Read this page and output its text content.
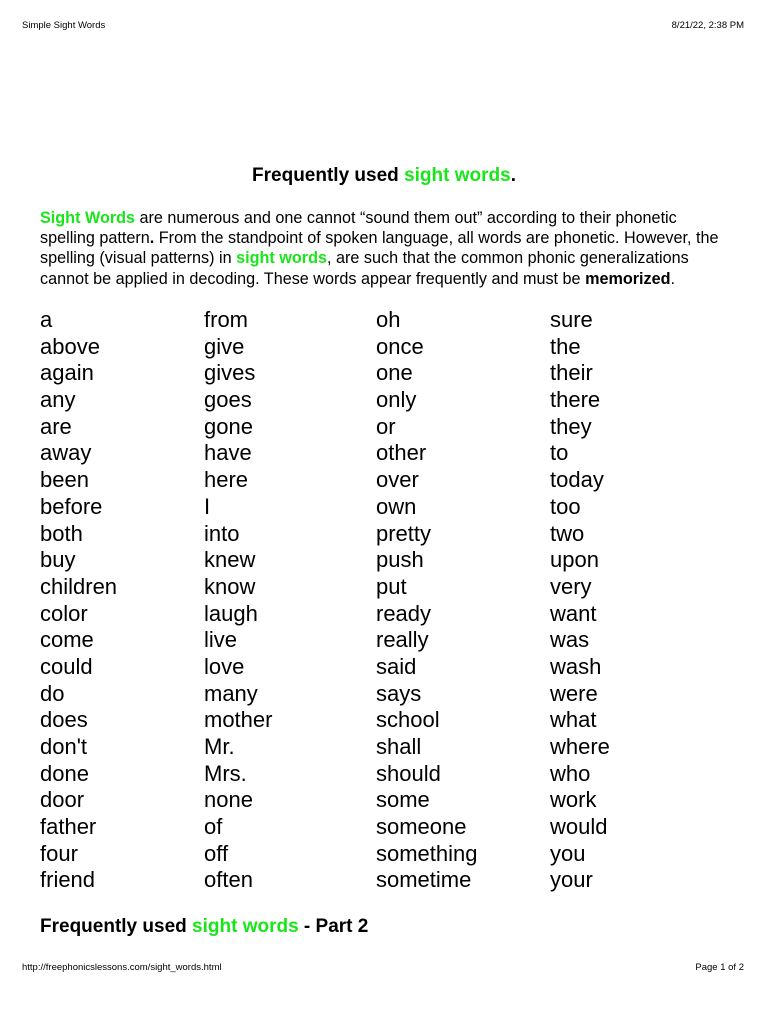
Simple Sight Words	8/21/22, 2:38 PM
Frequently used sight words.
Sight Words are numerous and one cannot “sound them out” according to their phonetic spelling pattern. From the standpoint of spoken language, all words are phonetic. However, the spelling (visual patterns) in sight words, are such that the common phonic generalizations cannot be applied in decoding. These words appear frequently and must be memorized.
a
above
again
any
are
away
been
before
both
buy
children
color
come
could
do
does
don't
done
door
father
four
friend
from
give
gives
goes
gone
have
here
I
into
knew
know
laugh
live
love
many
mother
Mr.
Mrs.
none
of
off
often
oh
once
one
only
or
other
over
own
pretty
push
put
ready
really
said
says
school
shall
should
some
someone
something
sometime
sure
the
their
there
they
to
today
too
two
upon
very
want
was
wash
were
what
where
who
work
would
you
your
Frequently used sight words - Part 2
http://freephonicslessons.com/sight_words.html	Page 1 of 2
